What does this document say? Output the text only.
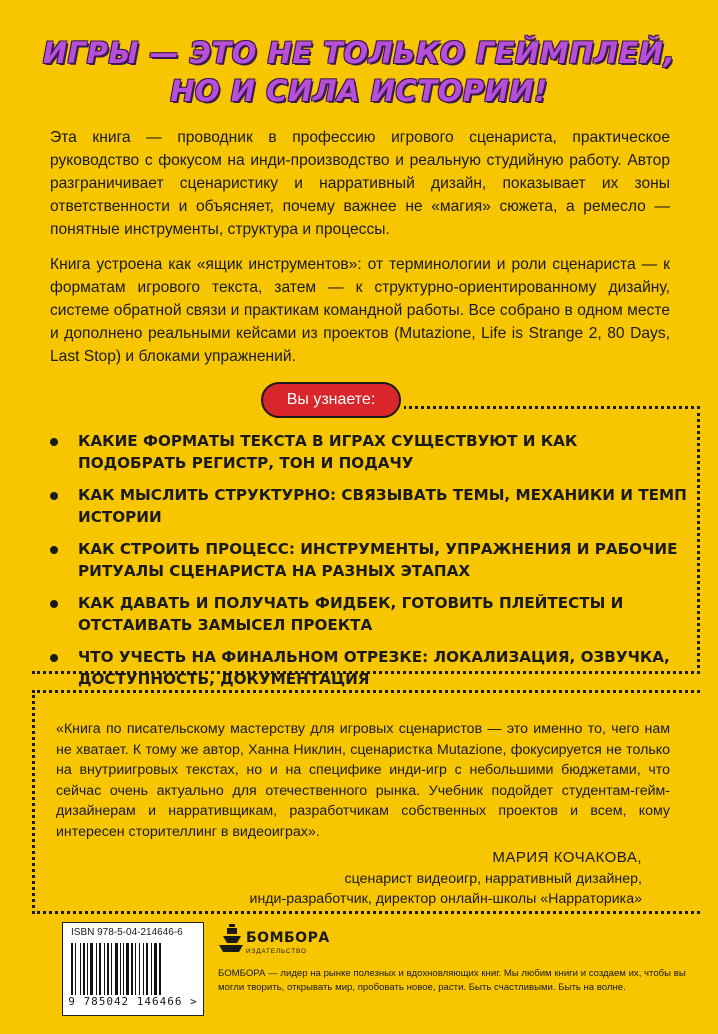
ИГРЫ — ЭТО НЕ ТОЛЬКО ГЕЙМПЛЕЙ,
НО И СИЛА ИСТОРИИ!

Эта книга — проводник в профессию игрового сценариста, практическое руководство с фокусом на инди-производство и реальную студийную работу. Автор разграничивает сценаристику и нарративный дизайн, показывает их зоны ответственности и объясняет, почему важнее не «магия» сюжета, а ремесло — понятные инструменты, структура и процессы.

Книга устроена как «ящик инструментов»: от терминологии и роли сценариста — к форматам игрового текста, затем — к структурно-ориентированному дизайну, системе обратной связи и практикам командной работы. Все собрано в одном месте и дополнено реальными кейсами из проектов (Mutazione, Life is Strange 2, 80 Days, Last Stop) и блоками упражнений.

Вы узнаете:
КАКИЕ ФОРМАТЫ ТЕКСТА В ИГРАХ СУЩЕСТВУЮТ И КАК ПОДОБРАТЬ РЕГИСТР, ТОН И ПОДАЧУ
КАК МЫСЛИТЬ СТРУКТУРНО: СВЯЗЫВАТЬ ТЕМЫ, МЕХАНИКИ И ТЕМП ИСТОРИИ
КАК СТРОИТЬ ПРОЦЕСС: ИНСТРУМЕНТЫ, УПРАЖНЕНИЯ И РАБОЧИЕ РИТУАЛЫ СЦЕНАРИСТА НА РАЗНЫХ ЭТАПАХ
КАК ДАВАТЬ И ПОЛУЧАТЬ ФИДБЕК, ГОТОВИТЬ ПЛЕЙТЕСТЫ И ОТСТАИВАТЬ ЗАМЫСЕЛ ПРОЕКТА
ЧТО УЧЕСТЬ НА ФИНАЛЬНОМ ОТРЕЗКЕ: ЛОКАЛИЗАЦИЯ, ОЗВУЧКА, ДОСТУПНОСТЬ, ДОКУМЕНТАЦИЯ

«Книга по писательскому мастерству для игровых сценаристов — это именно то, чего нам не хватает. К тому же автор, Ханна Никлин, сценаристка Mutazione, фокусируется не только на внутриигровых текстах, но и на специфике инди-игр с небольшими бюджетами, что сейчас очень актуально для отечественного рынка. Учебник подойдет студентам-гейм-дизайнерам и нарративщикам, разработчикам собственных проектов и всем, кому интересен сторителлинг в видеоиграх».

МАРИЯ КОЧАКОВА,
сценарист видеоигр, нарративный дизайнер,
инди-разработчик, директор онлайн-школы «Нарраторика»
ISBN 978-5-04-214646-6
9 785042 146466 >
БОМБОРА
ИЗДАТЕЛЬСТВО

БОМБОРА — лидер на рынке полезных и вдохновляющих книг. Мы любим книги и создаем их, чтобы вы могли творить, открывать мир, пробовать новое, расти. Быть счастливыми. Быть на волне.
